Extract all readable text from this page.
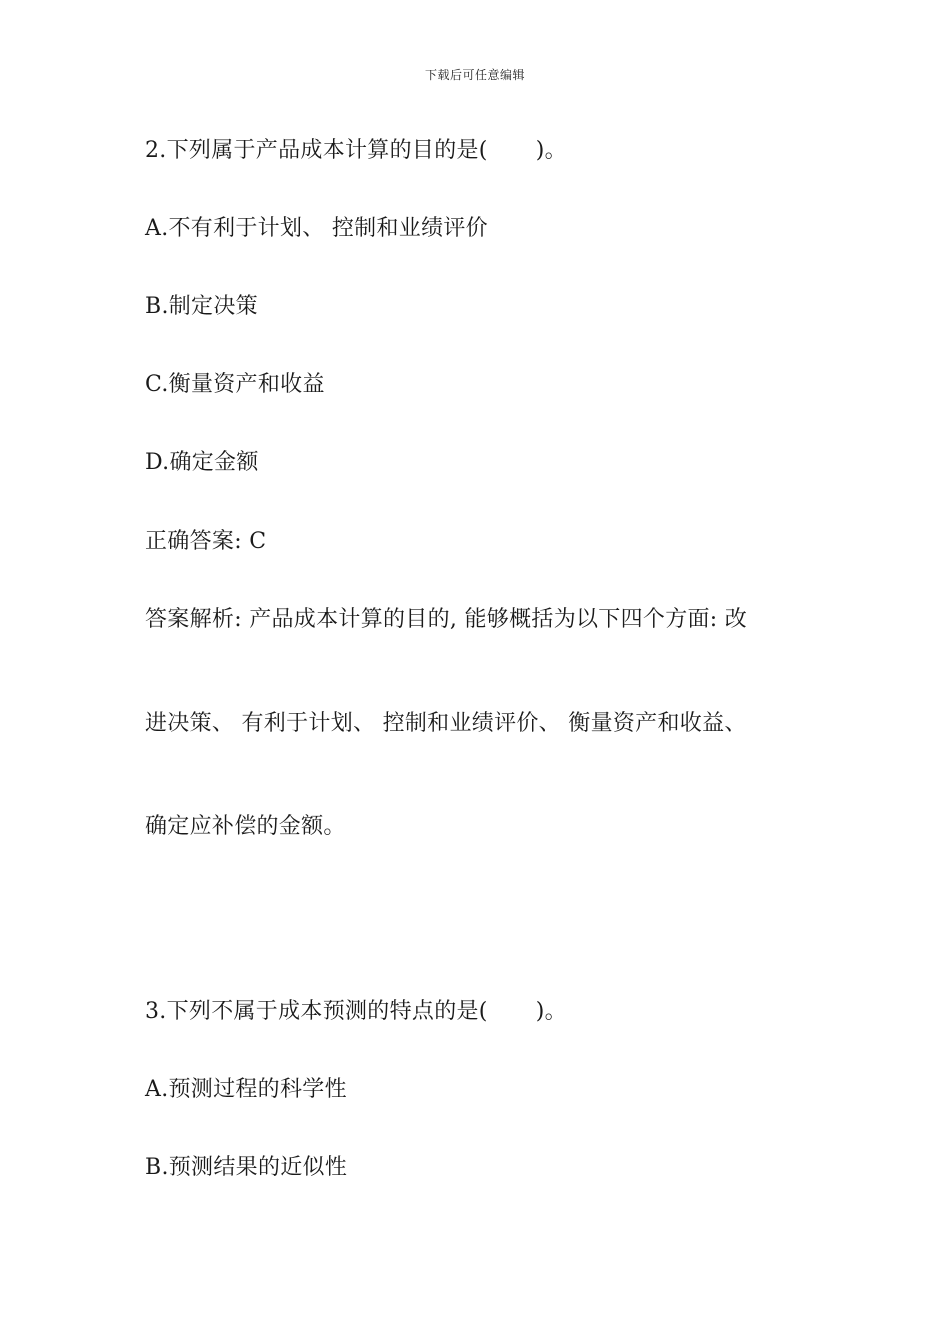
下载后可任意编辑
2.下列属于产品成本计算的目的是( )。
A.不有利于计划、 控制和业绩评价
B.制定决策
C.衡量资产和收益
D.确定金额
正确答案: C
答案解析: 产品成本计算的目的, 能够概括为以下四个方面: 改
进决策、 有利于计划、 控制和业绩评价、 衡量资产和收益、
确定应补偿的金额。
3.下列不属于成本预测的特点的是( )。
A.预测过程的科学性
B.预测结果的近似性
